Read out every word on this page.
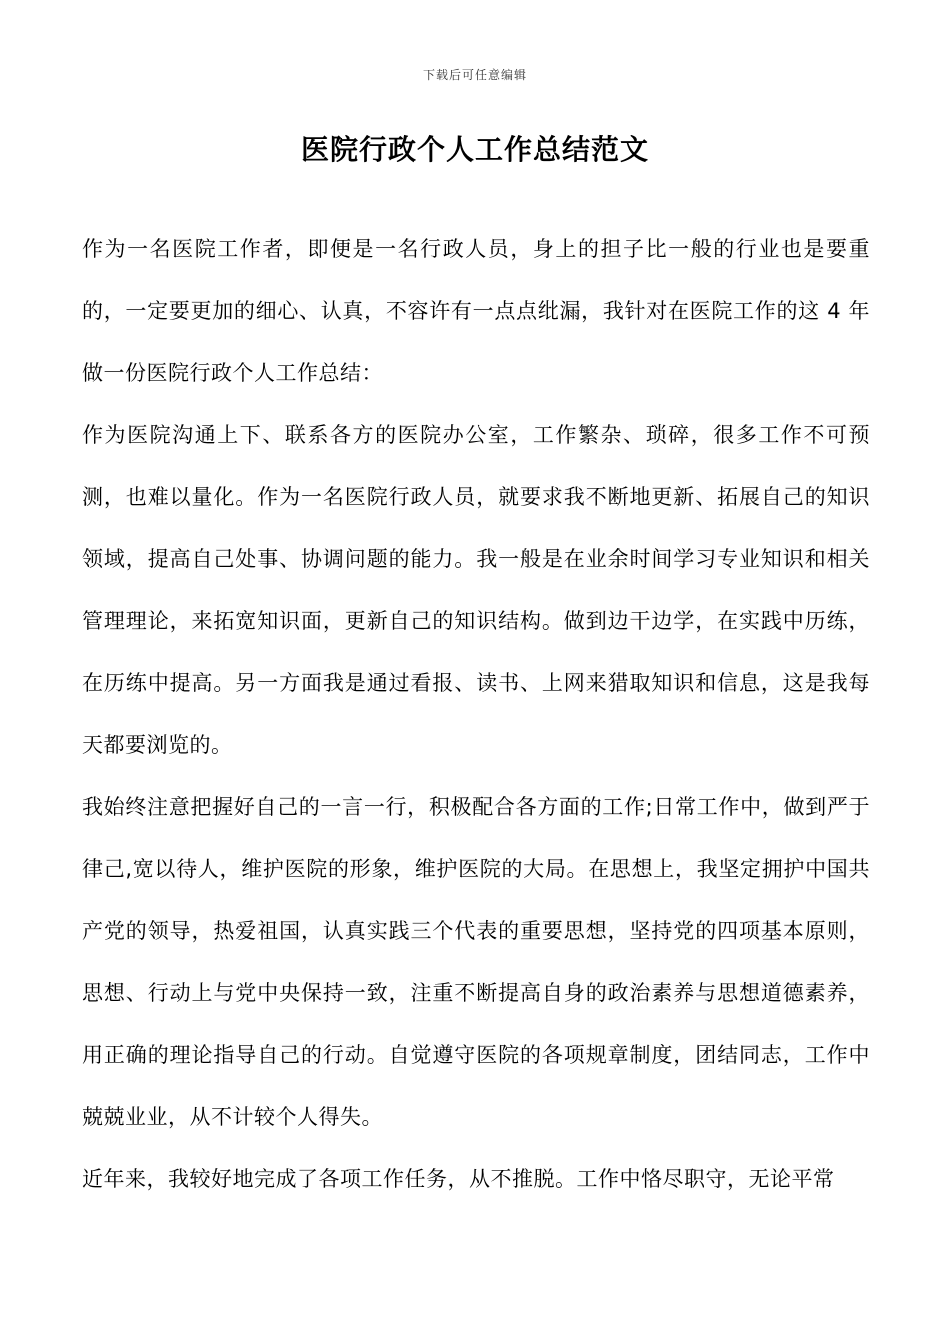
下载后可任意编辑
医院行政个人工作总结范文

作为一名医院工作者，即便是一名行政人员，身上的担子比一般的行业也是要重的，一定要更加的细心、认真，不容许有一点点纰漏，我针对在医院工作的这 4 年做一份医院行政个人工作总结：

作为医院沟通上下、联系各方的医院办公室，工作繁杂、琐碎，很多工作不可预测，也难以量化。作为一名医院行政人员，就要求我不断地更新、拓展自己的知识领域，提高自己处事、协调问题的能力。我一般是在业余时间学习专业知识和相关管理理论，来拓宽知识面，更新自己的知识结构。做到边干边学，在实践中历练，在历练中提高。另一方面我是通过看报、读书、上网来猎取知识和信息，这是我每天都要浏览的。

我始终注意把握好自己的一言一行，积极配合各方面的工作;日常工作中，做到严于律己,宽以待人，维护医院的形象，维护医院的大局。在思想上，我坚定拥护中国共产党的领导，热爱祖国，认真实践三个代表的重要思想，坚持党的四项基本原则，思想、行动上与党中央保持一致，注重不断提高自身的政治素养与思想道德素养，用正确的理论指导自己的行动。自觉遵守医院的各项规章制度，团结同志，工作中兢兢业业，从不计较个人得失。

近年来，我较好地完成了各项工作任务，从不推脱。工作中恪尽职守，无论平常
